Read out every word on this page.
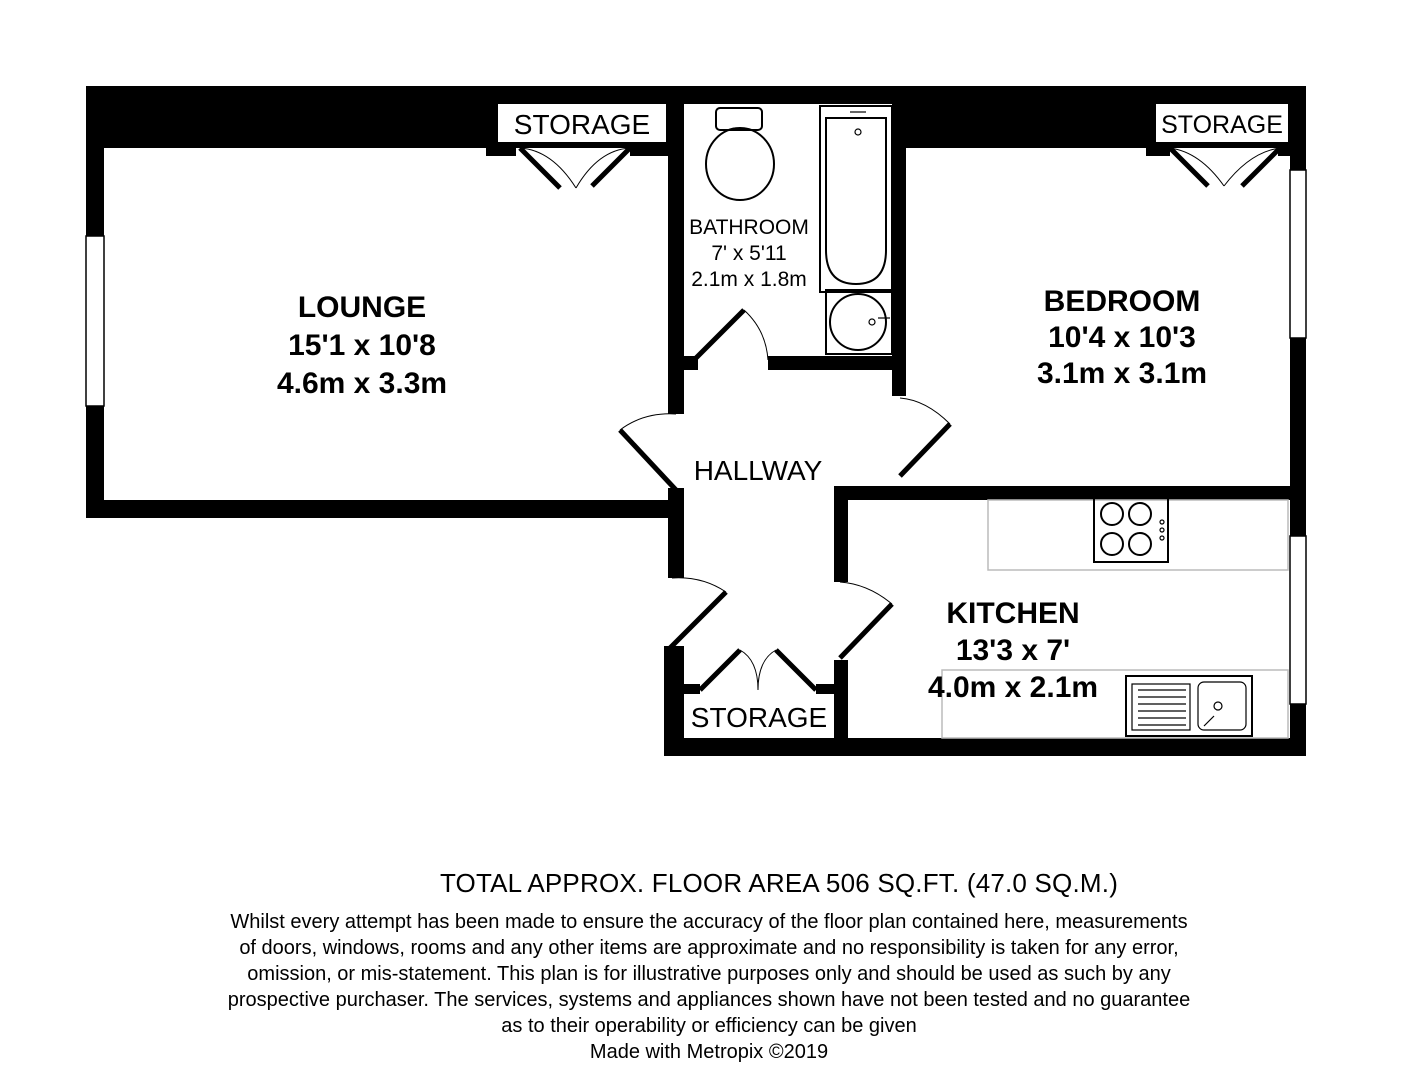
LOUNGE
15'1 x 10'8
4.6m x 3.3m
BATHROOM
7' x 5'11
2.1m x 1.8m
BEDROOM
10'4 x 10'3
3.1m x 3.1m
KITCHEN
13'3 x 7'
4.0m x 2.1m
HALLWAY
STORAGE	STORAGE
STORAGE
TOTAL APPROX. FLOOR AREA 506 SQ.FT. (47.0 SQ.M.)
Whilst every attempt has been made to ensure the accuracy of the floor plan contained here, measurements
of doors, windows, rooms and any other items are approximate and no responsibility is taken for any error,
omission, or mis-statement. This plan is for illustrative purposes only and should be used as such by any
prospective purchaser. The services, systems and appliances shown have not been tested and no guarantee
as to their operability or efficiency can be given
Made with Metropix ©2019
